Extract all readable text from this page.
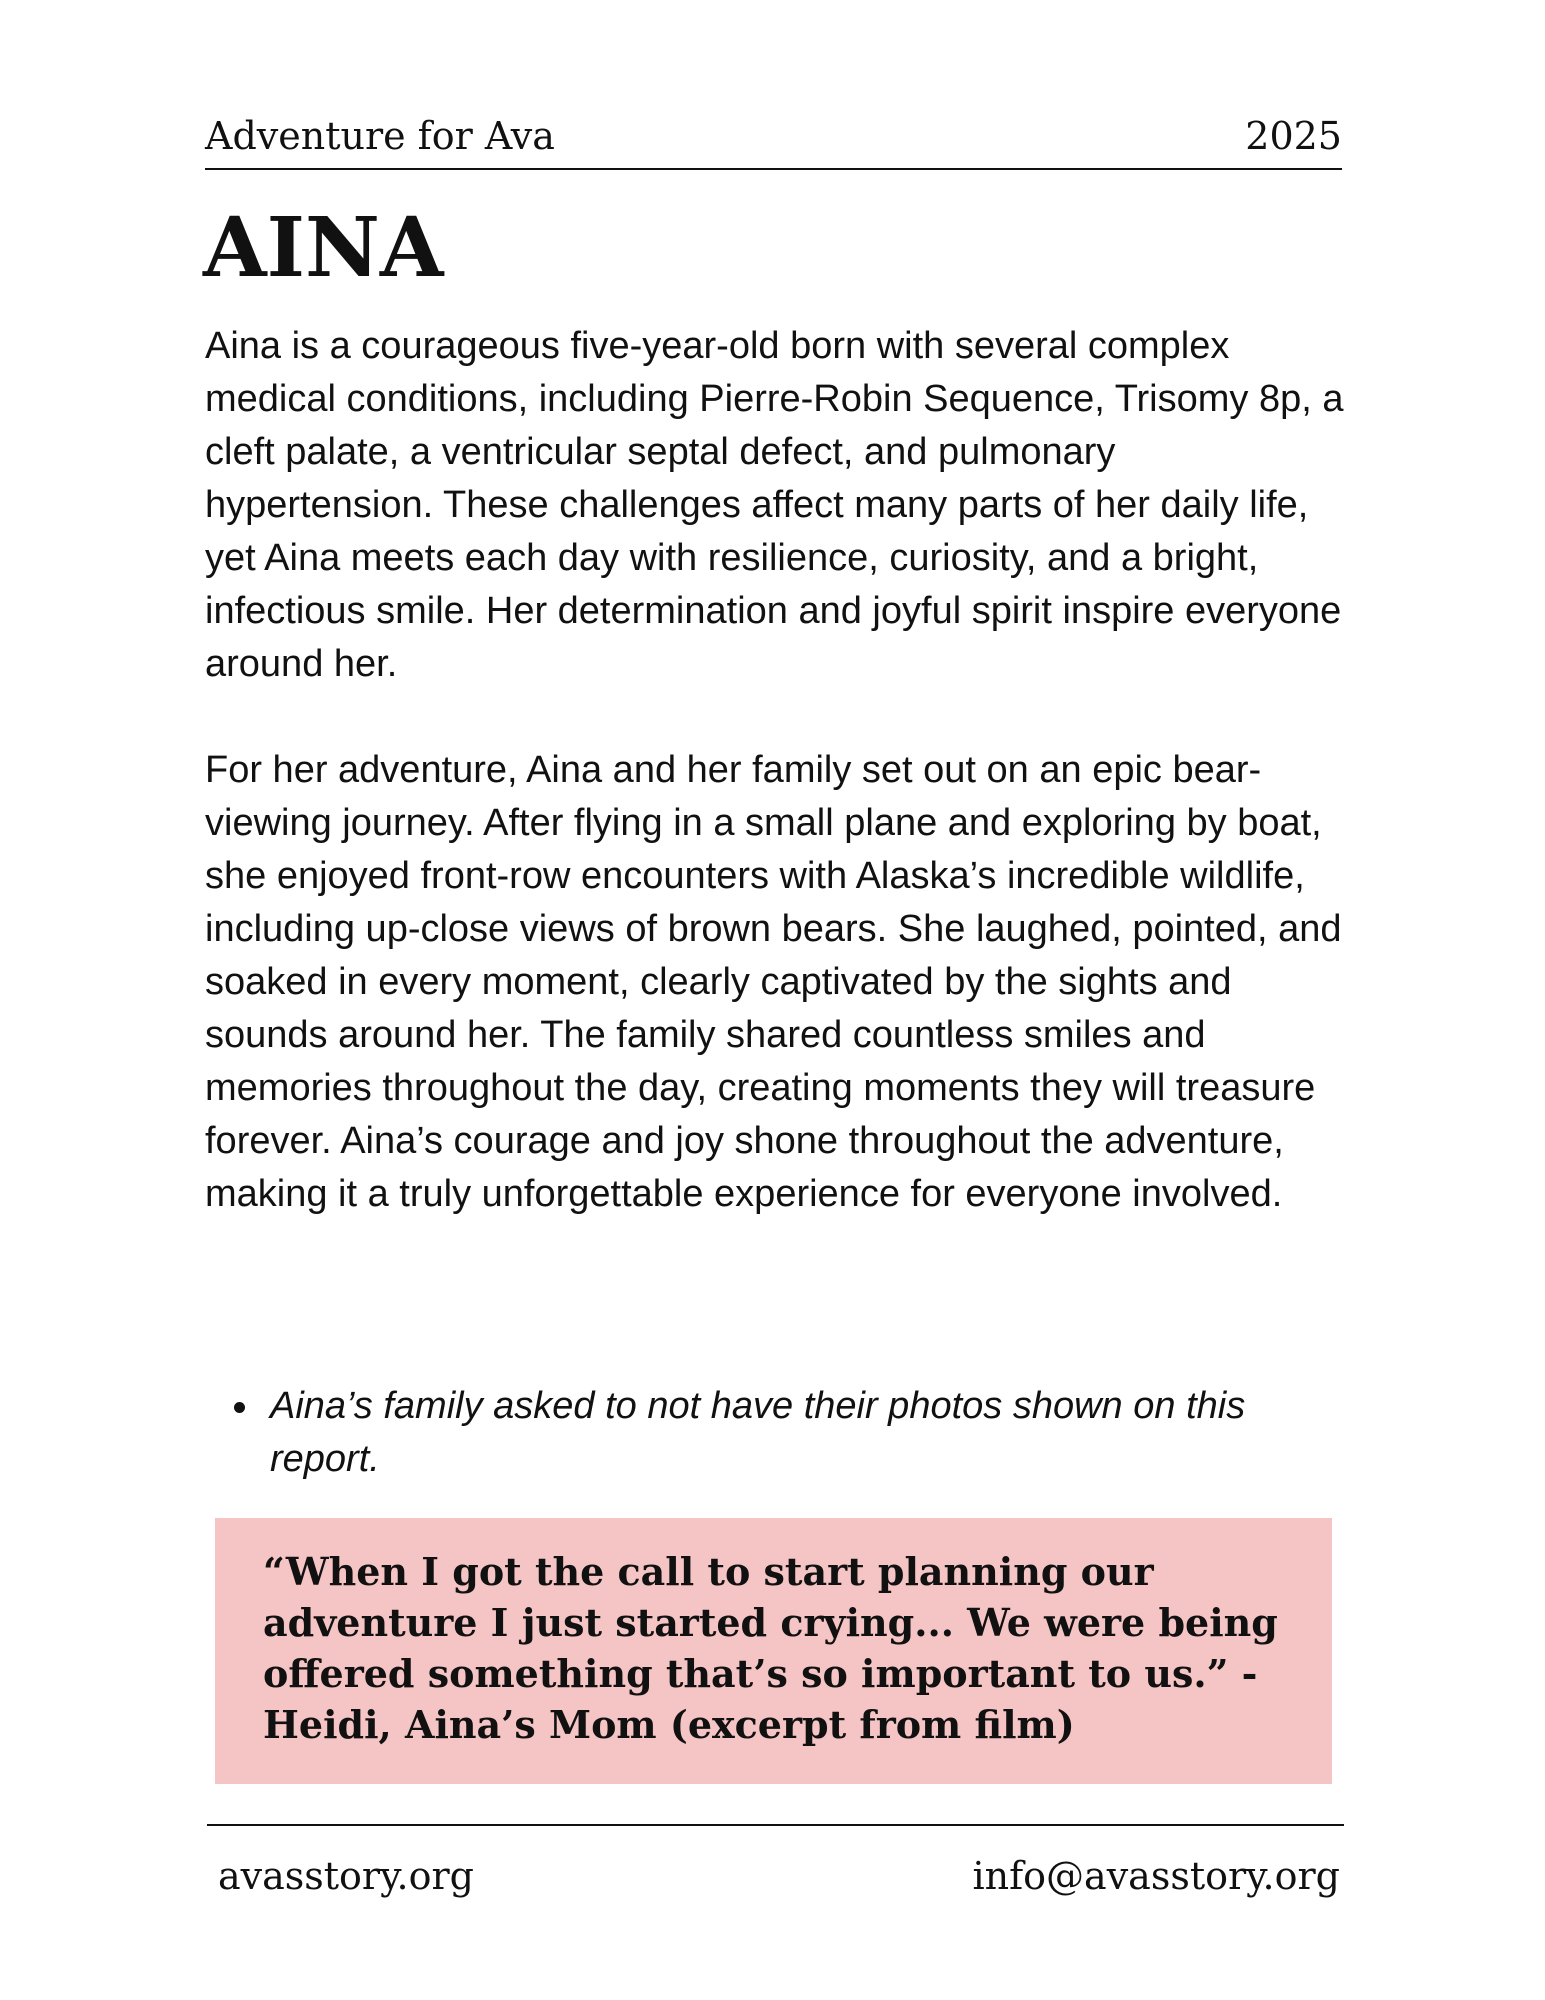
Adventure for Ava	2025
AINA

Aina is a courageous five-year-old born with several complex medical conditions, including Pierre-Robin Sequence, Trisomy 8p, a cleft palate, a ventricular septal defect, and pulmonary hypertension. These challenges affect many parts of her daily life, yet Aina meets each day with resilience, curiosity, and a bright, infectious smile. Her determination and joyful spirit inspire everyone around her.

For her adventure, Aina and her family set out on an epic bear-viewing journey. After flying in a small plane and exploring by boat, she enjoyed front-row encounters with Alaska’s incredible wildlife, including up-close views of brown bears. She laughed, pointed, and soaked in every moment, clearly captivated by the sights and sounds around her. The family shared countless smiles and memories throughout the day, creating moments they will treasure forever. Aina’s courage and joy shone throughout the adventure, making it a truly unforgettable experience for everyone involved.

Aina’s family asked to not have their photos shown on this report.

“When I got the call to start planning our adventure I just started crying... We were being offered something that’s so important to us.” - Heidi, Aina’s Mom (excerpt from film)

avasstory.org	info@avasstory.org
